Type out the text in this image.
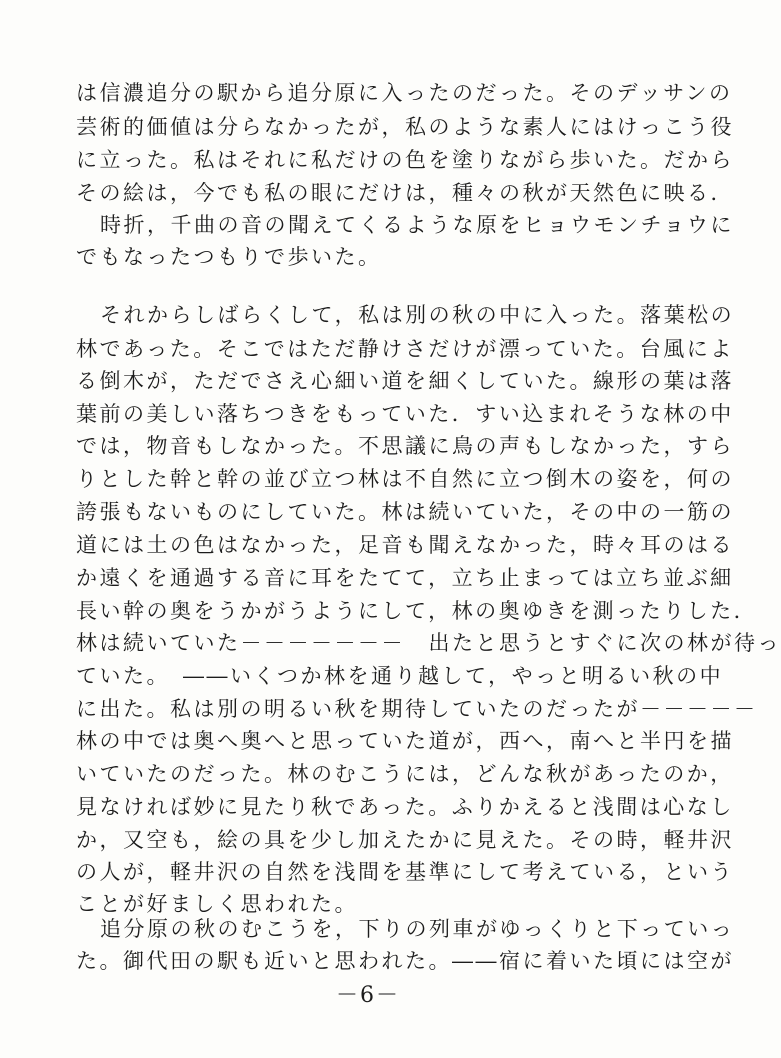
は信濃追分の駅から追分原に入ったのだった。そのデッサンの
芸術的価値は分らなかったが，私のような素人にはけっこう役
に立った。私はそれに私だけの色を塗りながら歩いた。だから
その絵は，今でも私の眼にだけは，種々の秋が天然色に映る．
時折，千曲の音の聞えてくるような原をヒョウモンチョウに
でもなったつもりで歩いた。
それからしばらくして，私は別の秋の中に入った。落葉松の
林であった。そこではただ静けさだけが漂っていた。台風によ
る倒木が，ただでさえ心細い道を細くしていた。線形の葉は落
葉前の美しい落ちつきをもっていた．すい込まれそうな林の中
では，物音もしなかった。不思議に鳥の声もしなかった，すら
りとした幹と幹の並び立つ林は不自然に立つ倒木の姿を，何の
誇張もないものにしていた。林は続いていた，その中の一筋の
道には土の色はなかった，足音も聞えなかった，時々耳のはる
か遠くを通過する音に耳をたてて，立ち止まっては立ち並ぶ細
長い幹の奥をうかがうようにして，林の奥ゆきを測ったりした．
林は続いていた－－－－－－－　出たと思うとすぐに次の林が待っ
ていた。　――いくつか林を通り越して，やっと明るい秋の中
に出た。私は別の明るい秋を期待していたのだったが－－－－－
林の中では奥へ奥へと思っていた道が，西へ，南へと半円を描
いていたのだった。林のむこうには，どんな秋があったのか，
見なければ妙に見たり秋であった。ふりかえると浅間は心なし
か，又空も，絵の具を少し加えたかに見えた。その時，軽井沢
の人が，軽井沢の自然を浅間を基準にして考えている，という
ことが好ましく思われた。
追分原の秋のむこうを，下りの列車がゆっくりと下っていっ
た。御代田の駅も近いと思われた。――宿に着いた頃には空が
－6－
